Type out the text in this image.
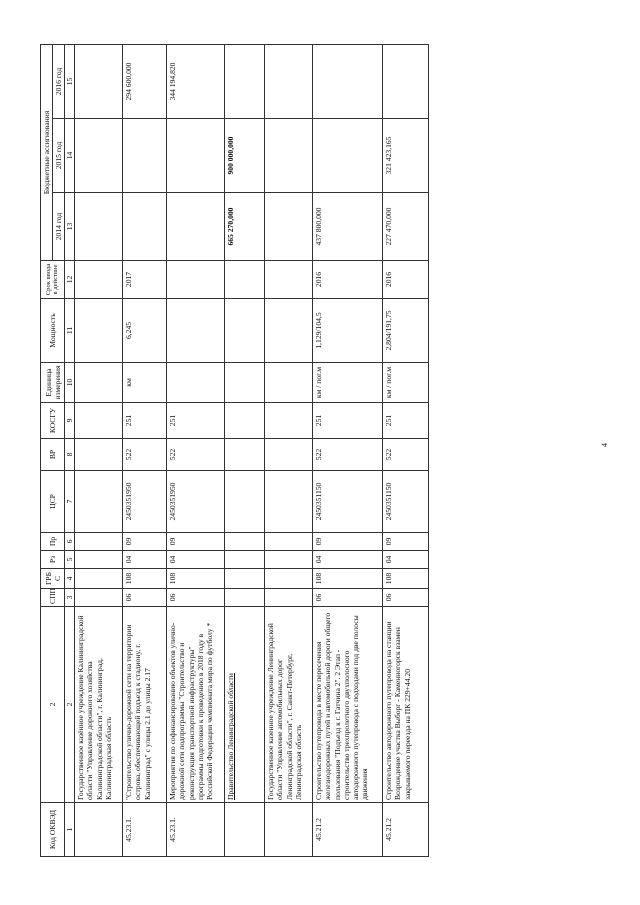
Код ОКВЭД	2	СПП	ГРБ С	Рз	Пр	ЦСР	ВР	КОСГУ	Единица измерения	Мощность	Срок ввода в действие	Бюджетные ассигнования		
												2014 год	2015 год	2016 год
1	2	3	4	5	6	7	8	9	10	11	12	13	14	15
	Государственное казённое учреждение Калининградской области "Управление дорожного хозяйства Калининградской области", г. Калининград, Калининградская область													
45.23.1.	"Строительство улично-дорожной сети на территории острова, обеспечивающей подъезд к стадиону, г. Калининград" с улицы 2.1 до улицы 2.17	06	108	04	09	2450351950	522	251	км	6,245	2017			294 600,000
45.23.1.	Мероприятия по софинансированию объектов улично-дорожной сети подпрограммы "Строительство и реконструкция транспортной инфраструктуры" программы подготовки к проведению в 2018 году в Российской Федерации чемпионата мира по футболу *	06	108	04	09	2450351950	522	251						344 194,820
	Правительство Ленинградской области											665 270,000	900 000,000	
	Государственное казенное учреждение Ленинградской области "Управление автомобильных дорог Ленинградской области", г. Санкт-Петербург, Ленинградская область													
45.21.2	Строительство путепровода в месте пересечения железнодорожных путей и автомобильной дороги общего пользования "Подъезд к г. Гатчина 2". 2 Этап - строительство трехпролетного двухполосного автодорожного путепровода с подходами под две полосы движения	06	108	04	09	2450351150	522	251	км / пог.м	1,129/104,5	2016	437 800,000		
45.21.2	Строительство автодорожного путепровода на станции Возрождение участка Выборг - Каменногорск взамен закрываемого переезда на ПК 229+44.20	06	108	04	09	2450351150	522	251	км / пог.м	2,804/191,75	2016	227 470,000	321 423,165	
4
